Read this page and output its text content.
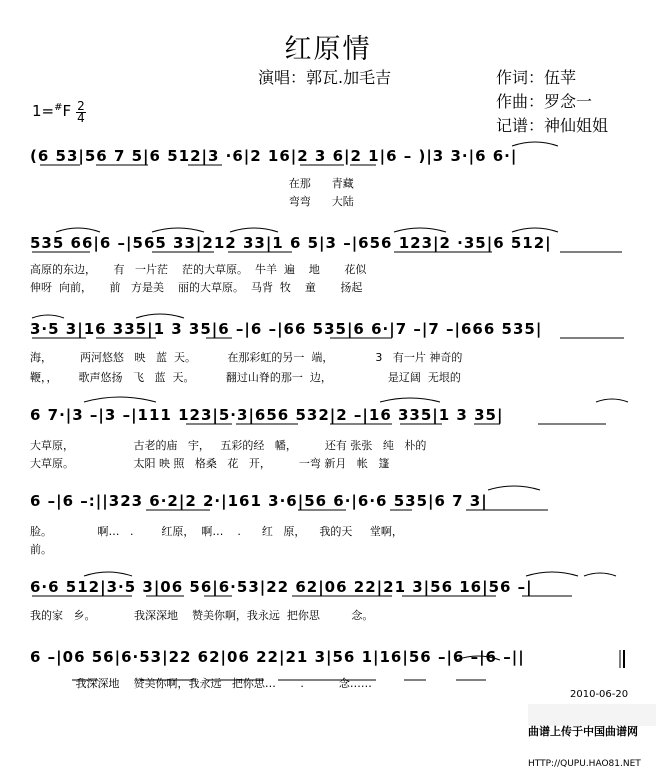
红原情
演唱：郭瓦.加毛吉	作词：伍苹
作曲：罗念一
记谱：神仙姐姐
1=#F 2
4
(6 53|56 7 5|6 512|3 ·6|2 16|2 3 6|2 1|6 – )|3 3·|6 6·|
在那      青藏
弯弯      大陆
535 66|6 –|565 33|212 33|1 6 5|3 –|656 123|2 ·35|6 512|
高原的东边，     有   一片茫    茫的大草原。  牛羊  遍    地       花似
伸呀  向前，     前   方是美    丽的大草原。  马背  牧    童       扬起
3·5 3|16 335|1 3 35|6 –|6 –|66 535|6 6·|7 –|7 –|666 535|
海，        两河悠悠   映   蓝  天。         在那彩虹的另一  端，            3   有一片 神奇的
鞭，，      歌声悠扬   飞   蓝  天。         翻过山脊的那一  边，                是辽阔  无垠的
6 7·|3 –|3 –|111 123|5·3|656 532|2 –|16 335|1 3 35|
大草原，                 古老的庙   宇，   五彩的经   幡，        还有 张张   纯   朴的
大草原。                 太阳 映 照   格桑   花   开，        一弯 新月   帐   篷
6 –|6 –:||323 6·2|2 2·|161 3·6|56 6·|6·6 535|6 7 3|
脸。             啊…   .        红原，  啊…    .      红   原，    我的天     堂啊，
前。
6·6 512|3·5 3|06 56|6·53|22 62|06 22|21 3|56 16|56 –|
我的家   乡。           我深深地    赞美你啊，我永远  把你思         念。
6 –|06 56|6·53|22 62|06 22|21 3|56 1|16|56 –|6 –|6 –||
我深深地    赞美你啊，我永远   把你思…       .          念……
2010-06-20

曲谱上传于中国曲谱网

HTTP://QUPU.HAO81.NET
